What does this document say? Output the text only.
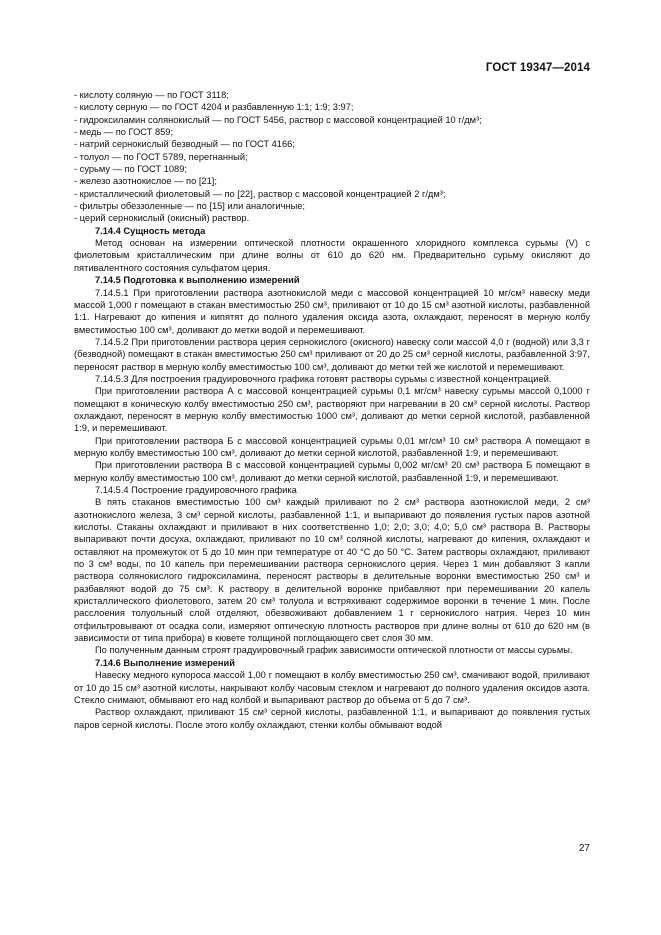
ГОСТ 19347—2014

- кислоту соляную — по ГОСТ 3118;

- кислоту серную — по ГОСТ 4204 и разбавленную 1:1; 1:9; 3:97;

- гидроксиламин солянокислый — по ГОСТ 5456, раствор с массовой концентрацией 10 г/дм³;

- медь — по ГОСТ 859;

- натрий сернокислый безводный — по ГОСТ 4166;

- толуол — по ГОСТ 5789, перегнанный;

- сурьму — по ГОСТ 1089;

- железо азотнокислое — по [21];

- кристаллический фиолетовый — по [22], раствор с массовой концентрацией 2 г/дм³;

- фильтры обеззоленные — по [15] или аналогичные;

- церий сернокислый (окисный) раствор.

7.14.4 Сущность метода

Метод основан на измерении оптической плотности окрашенного хлоридного комплекса сурьмы (V) с фиолетовым кристаллическим при длине волны от 610 до 620 нм. Предварительно сурьму окисляют до пятивалентного состояния сульфатом церия.

7.14.5 Подготовка к выполнению измерений

7.14.5.1 При приготовлении раствора азотнокислой меди с массовой концентрацией 10 мг/см³ навеску меди массой 1,000 г помещают в стакан вместимостью 250 см³, приливают от 10 до 15 см³ азотной кислоты, разбавленной 1:1. Нагревают до кипения и кипятят до полного удаления оксида азота, охлаждают, переносят в мерную колбу вместимостью 100 см³, доливают до метки водой и перемешивают.

7.14.5.2 При приготовлении раствора церия сернокислого (окисного) навеску соли массой 4,0 г (водной) или 3,3 г (безводной) помещают в стакан вместимостью 250 см³ приливают от 20 до 25 см³ серной кислоты, разбавленной 3:97, переносят раствор в мерную колбу вместимостью 100 см³, доливают до метки тей же кислотой и перемешивают.

7.14.5.3 Для построения градуировочного графика готовят растворы сурьмы с известной концентрацией.

При приготовлении раствора А с массовой концентрацией сурьмы 0,1 мг/см³ навеску сурьмы массой 0,1000 г помещают в коническую колбу вместимостью 250 см³, растворяют при нагревании в 20 см³ серной кислоты. Раствор охлаждают, переносят в мерную колбу вместимостью 1000 см³, доливают до метки серной кислотой, разбавленной 1:9, и перемешивают.

При приготовлении раствора Б с массовой концентрацией сурьмы 0,01 мг/см³ 10 см³ раствора А помещают в мерную колбу вместимостью 100 см³, доливают до метки серной кислотой, разбавленной 1:9, и перемешивают.

При приготовлении раствора В с массовой концентрацией сурьмы 0,002 мг/см³ 20 см³ раствора Б помещают в мерную колбу вместимостью 100 см³, доливают до метки серной кислотой, разбавленной 1:9, и перемешивают.

7.14.5.4 Построение градуировочного графика

В пять стаканов вместимостью 100 см³ каждый приливают по 2 см³ раствора азотнокислой меди, 2 см³ азотнокислого железа, 3 см³ серной кислоты, разбавленной 1:1, и выпаривают до появления густых паров азотной кислоты. Стаканы охлаждают и приливают в них соответственно 1,0; 2,0; 3,0; 4,0; 5,0 см³ раствора В. Растворы выпаривают почти досуха, охлаждают, приливают по 10 см³ соляной кислоты, нагревают до кипения, охлаждают и оставляют на промежуток от 5 до 10 мин при температуре от 40 °С до 50 °С. Затем растворы охлаждают, приливают по 3 см³ воды, по 10 капель при перемешивании раствора сернокислого церия. Через 1 мин добавляют 3 капли раствора солянокислого гидроксиламина, переносят растворы в делительные воронки вместимостью 250 см³ и разбавляют водой до 75 см³. К раствору в делительной воронке прибавляют при перемешивании 20 капель кристаллического фиолетового, затем 20 см³ толуола и встряхивают содержимое воронки в течение 1 мин. После расслоения толуольный слой отделяют, обезвоживают добавлением 1 г сернокислого натрия. Через 10 мин отфильтровывают от осадка соли, измеряют оптическую плотность растворов при длине волны от 610 до 620 нм (в зависимости от типа прибора) в кювете толщиной поглощающего свет слоя 30 мм.

По полученным данным строят градуировочный график зависимости оптической плотности от массы сурьмы.

7.14.6 Выполнение измерений

Навеску медного купороса массой 1,00 г помещают в колбу вместимостью 250 см³, смачивают водой, приливают от 10 до 15 см³ азотной кислоты, накрывают колбу часовым стеклом и нагревают до полного удаления оксидов азота. Стекло снимают, обмывают его над колбой и выпаривают раствор до объема от 5 до 7 см³.

Раствор охлаждают, приливают 15 см³ серной кислоты, разбавленной 1:1, и выпаривают до появления густых паров серной кислоты. После этого колбу охлаждают, стенки колбы обмывают водой

27
